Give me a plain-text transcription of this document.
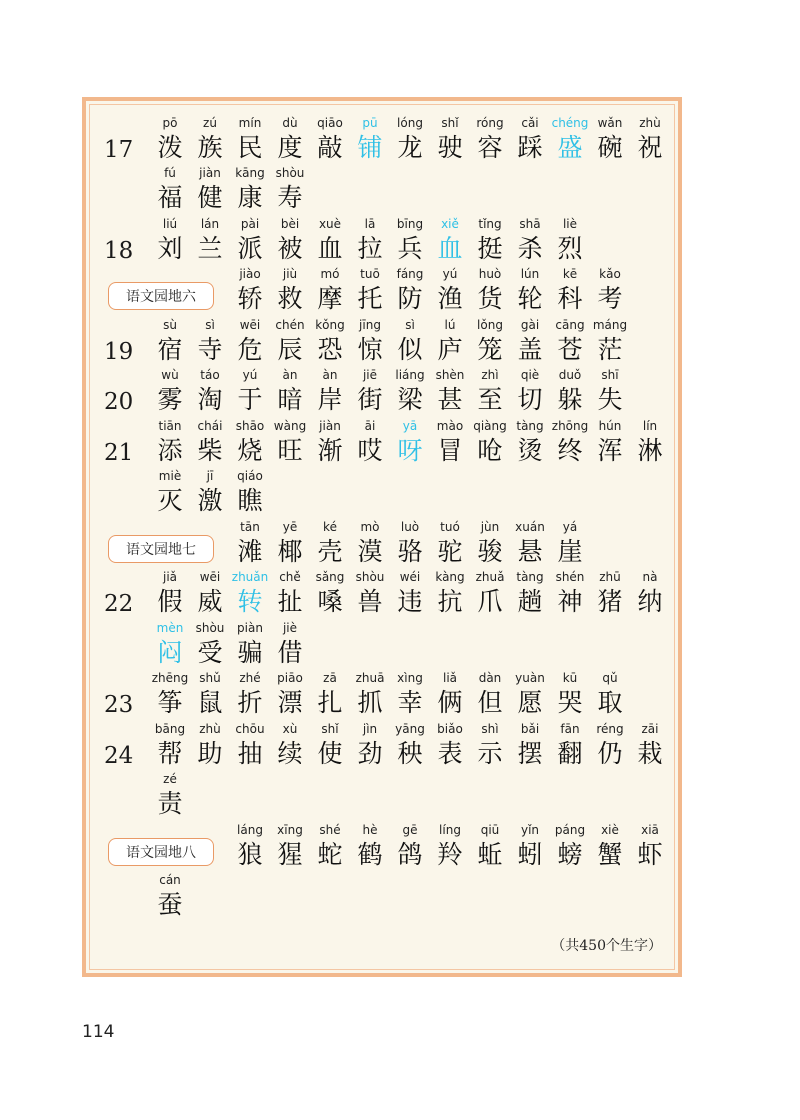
17
pō
泼
zú
族
mín
民
dù
度
qiāo
敲
pū
铺
lóng
龙
shǐ
驶
róng
容
cǎi
踩
chéng
盛
wǎn
碗
zhù
祝
fú
福
jiàn
健
kāng
康
shòu
寿
18
liú
刘
lán
兰
pài
派
bèi
被
xuè
血
lā
拉
bīng
兵
xiě
血
tǐng
挺
shā
杀
liè
烈
语文园地六
jiào
轿
jiù
救
mó
摩
tuō
托
fáng
防
yú
渔
huò
货
lún
轮
kē
科
kǎo
考
19
sù
宿
sì
寺
wēi
危
chén
辰
kǒng
恐
jīng
惊
sì
似
lú
庐
lǒng
笼
gài
盖
cāng
苍
máng
茫
20
wù
雾
táo
淘
yú
于
àn
暗
àn
岸
jiē
街
liáng
梁
shèn
甚
zhì
至
qiè
切
duǒ
躲
shī
失
21
tiān
添
chái
柴
shāo
烧
wàng
旺
jiàn
渐
āi
哎
yā
呀
mào
冒
qiàng
呛
tàng
烫
zhōng
终
hún
浑
lín
淋
miè
灭
jī
激
qiáo
瞧
语文园地七
tān
滩
yē
椰
ké
壳
mò
漠
luò
骆
tuó
驼
jùn
骏
xuán
悬
yá
崖
22
jiǎ
假
wēi
威
zhuǎn
转
chě
扯
sǎng
嗓
shòu
兽
wéi
违
kàng
抗
zhuǎ
爪
tàng
趟
shén
神
zhū
猪
nà
纳
mèn
闷
shòu
受
piàn
骗
jiè
借
23
zhēng
筝
shǔ
鼠
zhé
折
piāo
漂
zā
扎
zhuā
抓
xìng
幸
liǎ
俩
dàn
但
yuàn
愿
kū
哭
qǔ
取
24
bāng
帮
zhù
助
chōu
抽
xù
续
shǐ
使
jìn
劲
yāng
秧
biǎo
表
shì
示
bǎi
摆
fān
翻
réng
仍
zāi
栽
zé
责
语文园地八
láng
狼
xīng
猩
shé
蛇
hè
鹤
gē
鸽
líng
羚
qiū
蚯
yǐn
蚓
páng
螃
xiè
蟹
xiā
虾
cán
蚕
（共450个生字）
114
